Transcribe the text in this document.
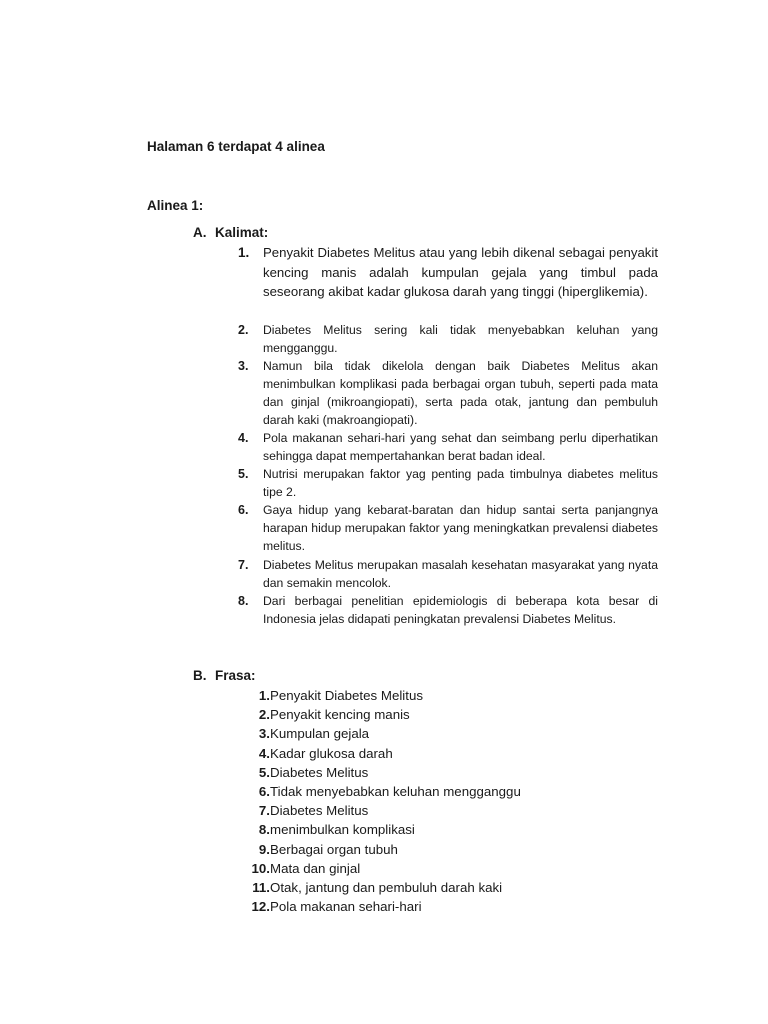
Halaman 6 terdapat 4 alinea
Alinea 1:
A. Kalimat:
1.	Penyakit Diabetes Melitus atau yang lebih dikenal sebagai penyakit kencing manis adalah kumpulan gejala yang timbul pada seseorang akibat kadar glukosa darah yang tinggi (hiperglikemia).
2.	Diabetes Melitus sering kali tidak menyebabkan keluhan yang mengganggu.
3.	Namun bila tidak dikelola dengan baik Diabetes Melitus akan menimbulkan komplikasi pada berbagai organ tubuh, seperti pada mata dan ginjal (mikroangiopati), serta pada otak, jantung dan pembuluh darah kaki (makroangiopati).
4.	Pola makanan sehari-hari yang sehat dan seimbang perlu diperhatikan sehingga dapat mempertahankan berat badan ideal.
5.	Nutrisi merupakan faktor yag penting pada timbulnya diabetes melitus tipe 2.
6.	Gaya hidup yang kebarat-baratan dan hidup santai serta panjangnya harapan hidup merupakan faktor yang meningkatkan prevalensi diabetes melitus.
7.	Diabetes Melitus merupakan masalah kesehatan masyarakat yang nyata dan semakin mencolok.
8.	Dari berbagai penelitian epidemiologis di beberapa kota besar di Indonesia jelas didapati peningkatan prevalensi Diabetes Melitus.
B. Frasa:
1. Penyakit Diabetes Melitus
2. Penyakit kencing manis
3. Kumpulan gejala
4. Kadar glukosa darah
5. Diabetes Melitus
6. Tidak menyebabkan keluhan mengganggu
7. Diabetes Melitus
8. menimbulkan komplikasi
9. Berbagai organ tubuh
10. Mata dan ginjal
11. Otak, jantung dan pembuluh darah kaki
12. Pola makanan sehari-hari
